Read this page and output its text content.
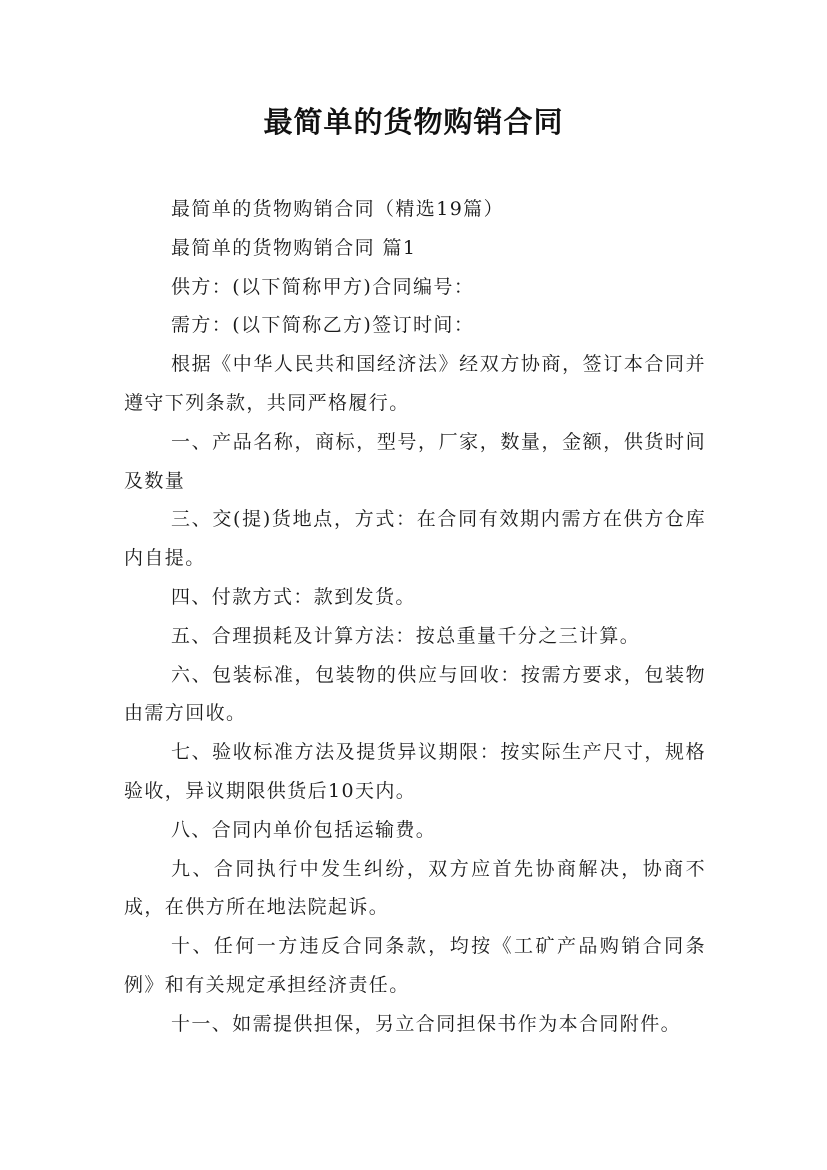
最简单的货物购销合同

最简单的货物购销合同（精选19篇）

最简单的货物购销合同 篇1

供方：(以下简称甲方)合同编号：

需方：(以下简称乙方)签订时间：

根据《中华人民共和国经济法》经双方协商，签订本合同并遵守下列条款，共同严格履行。

一、产品名称，商标，型号，厂家，数量，金额，供货时间及数量

三、交(提)货地点，方式：在合同有效期内需方在供方仓库内自提。

四、付款方式：款到发货。

五、合理损耗及计算方法：按总重量千分之三计算。

六、包装标准，包装物的供应与回收：按需方要求，包装物由需方回收。

七、验收标准方法及提货异议期限：按实际生产尺寸，规格验收，异议期限供货后10天内。

八、合同内单价包括运输费。

九、合同执行中发生纠纷，双方应首先协商解决，协商不成，在供方所在地法院起诉。

十、任何一方违反合同条款，均按《工矿产品购销合同条例》和有关规定承担经济责任。

十一、如需提供担保，另立合同担保书作为本合同附件。
